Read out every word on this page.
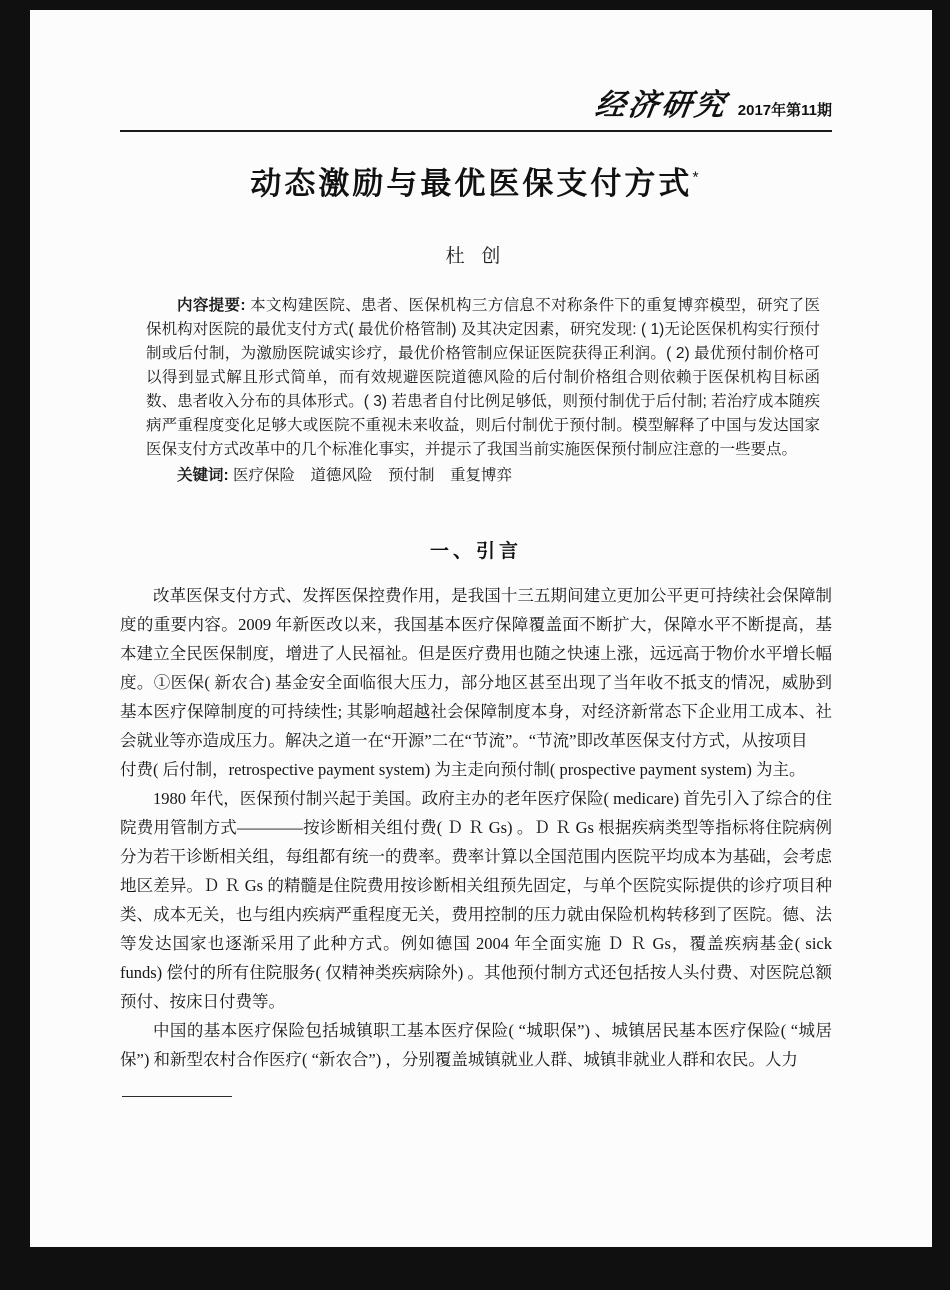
经济研究 2017年第11期
动态激励与最优医保支付方式*
杜 创
内容提要: 本文构建医院、患者、医保机构三方信息不对称条件下的重复博弈模型，研究了医保机构对医院的最优支付方式( 最优价格管制) 及其决定因素，研究发现: ( 1)无论医保机构实行预付制或后付制，为激励医院诚实诊疗，最优价格管制应保证医院获得正利润。( 2) 最优预付制价格可以得到显式解且形式简单，而有效规避医院道德风险的后付制价格组合则依赖于医保机构目标函数、患者收入分布的具体形式。( 3) 若患者自付比例足够低，则预付制优于后付制; 若治疗成本随疾病严重程度变化足够大或医院不重视未来收益，则后付制优于预付制。模型解释了中国与发达国家医保支付方式改革中的几个标准化事实，并提示了我国当前实施医保预付制应注意的一些要点。
关键词: 医疗保险　道德风险　预付制　重复博弈
一、引言

改革医保支付方式、发挥医保控费作用，是我国十三五期间建立更加公平更可持续社会保障制度的重要内容。2009 年新医改以来，我国基本医疗保障覆盖面不断扩大，保障水平不断提高，基本建立全民医保制度，增进了人民福祉。但是医疗费用也随之快速上涨，远远高于物价水平增长幅度。①医保( 新农合) 基金安全面临很大压力，部分地区甚至出现了当年收不抵支的情况，威胁到基本医疗保障制度的可持续性; 其影响超越社会保障制度本身，对经济新常态下企业用工成本、社会就业等亦造成压力。解决之道一在“开源”二在“节流”。“节流”即改革医保支付方式，从按项目

付费( 后付制，retrospective payment system) 为主走向预付制( prospective payment system) 为主。

1980 年代，医保预付制兴起于美国。政府主办的老年医疗保险( medicare) 首先引入了综合的住院费用管制方式————按诊断相关组付费( Ｄ Ｒ Gs) 。Ｄ Ｒ Gs 根据疾病类型等指标将住院病例分为若干诊断相关组，每组都有统一的费率。费率计算以全国范围内医院平均成本为基础，会考虑地区差异。Ｄ Ｒ Gs 的精髓是住院费用按诊断相关组预先固定，与单个医院实际提供的诊疗项目种类、成本无关，也与组内疾病严重程度无关，费用控制的压力就由保险机构转移到了医院。德、法等发达国家也逐渐采用了此种方式。例如德国 2004 年全面实施 Ｄ Ｒ Gs，覆盖疾病基金( sick funds) 偿付的所有住院服务( 仅精神类疾病除外) 。其他预付制方式还包括按人头付费、对医院总额预付、按床日付费等。

中国的基本医疗保险包括城镇职工基本医疗保险( “城职保”) 、城镇居民基本医疗保险( “城居保”) 和新型农村合作医疗( “新农合”) ，分别覆盖城镇就业人群、城镇非就业人群和农民。人力
